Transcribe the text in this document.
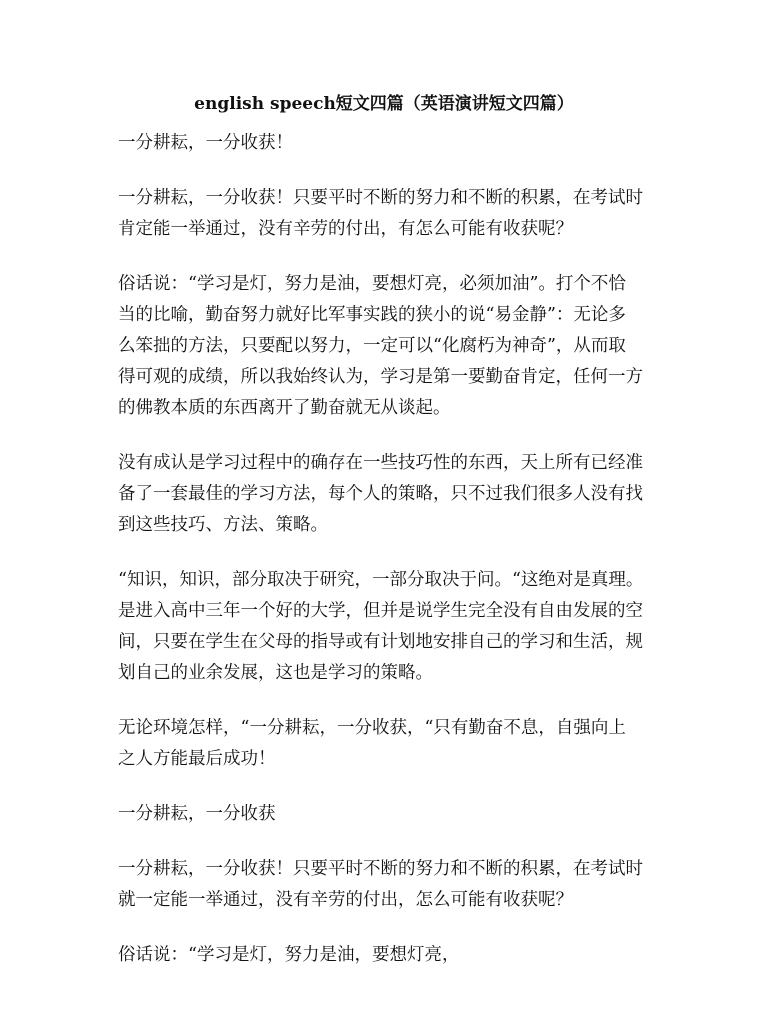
english speech短文四篇（英语演讲短文四篇）

一分耕耘，一分收获！

一分耕耘，一分收获！只要平时不断的努力和不断的积累，在考试时
肯定能一举通过，没有辛劳的付出，有怎么可能有收获呢？

俗话说：“学习是灯，努力是油，要想灯亮，必须加油”。打个不恰
当的比喻，勤奋努力就好比军事实践的狭小的说“易金静”：无论多
么笨拙的方法，只要配以努力，一定可以“化腐朽为神奇”，从而取
得可观的成绩，所以我始终认为，学习是第一要勤奋肯定，任何一方
的佛教本质的东西离开了勤奋就无从谈起。

没有成认是学习过程中的确存在一些技巧性的东西，天上所有已经准
备了一套最佳的学习方法，每个人的策略，只不过我们很多人没有找
到这些技巧、方法、策略。

“知识，知识，部分取决于研究，一部分取决于问。“这绝对是真理。
是进入高中三年一个好的大学，但并是说学生完全没有自由发展的空
间，只要在学生在父母的指导或有计划地安排自己的学习和生活，规
划自己的业余发展，这也是学习的策略。

无论环境怎样，“一分耕耘，一分收获，“只有勤奋不息，自强向上
之人方能最后成功！

一分耕耘，一分收获

一分耕耘，一分收获！只要平时不断的努力和不断的积累，在考试时
就一定能一举通过，没有辛劳的付出，怎么可能有收获呢？

俗话说：“学习是灯，努力是油，要想灯亮，
